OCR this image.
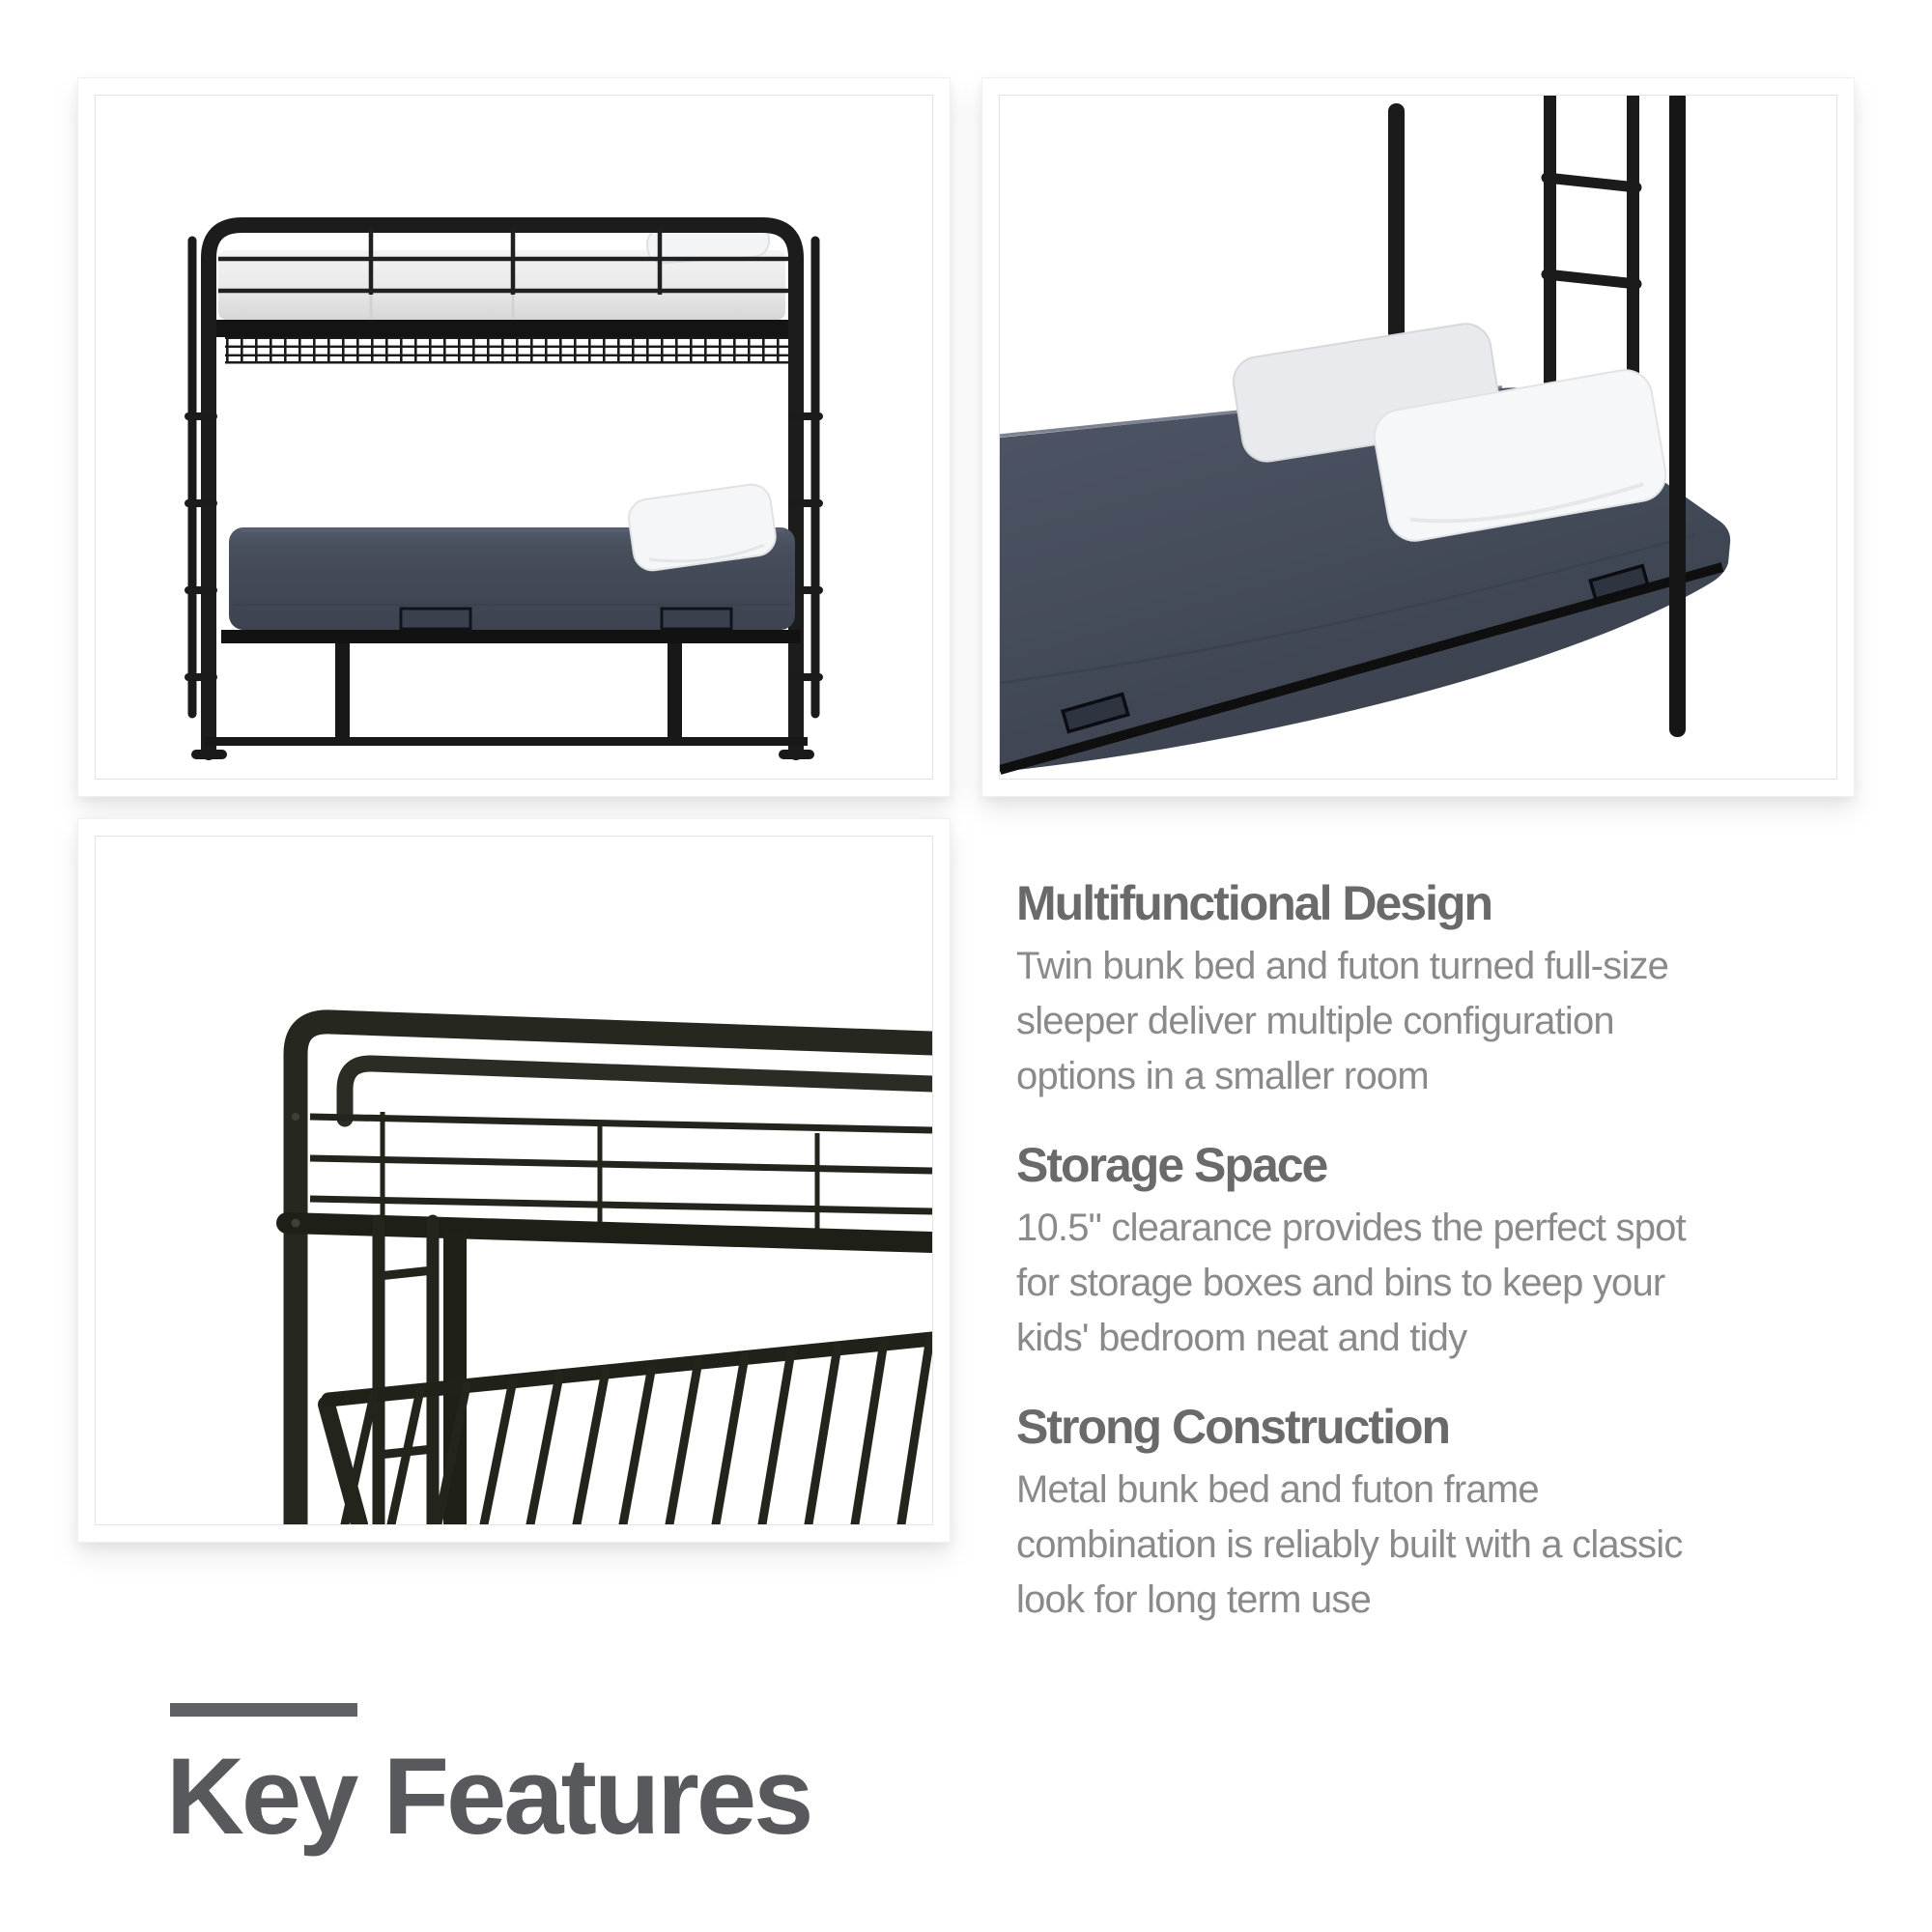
Multifunctional Design
Twin bunk bed and futon turned full-size
sleeper deliver multiple configuration
options in a smaller room
Storage Space
10.5" clearance provides the perfect spot
for storage boxes and bins to keep your
kids' bedroom neat and tidy
Strong Construction
Metal bunk bed and futon frame
combination is reliably built with a classic
look for long term use
Key Features
